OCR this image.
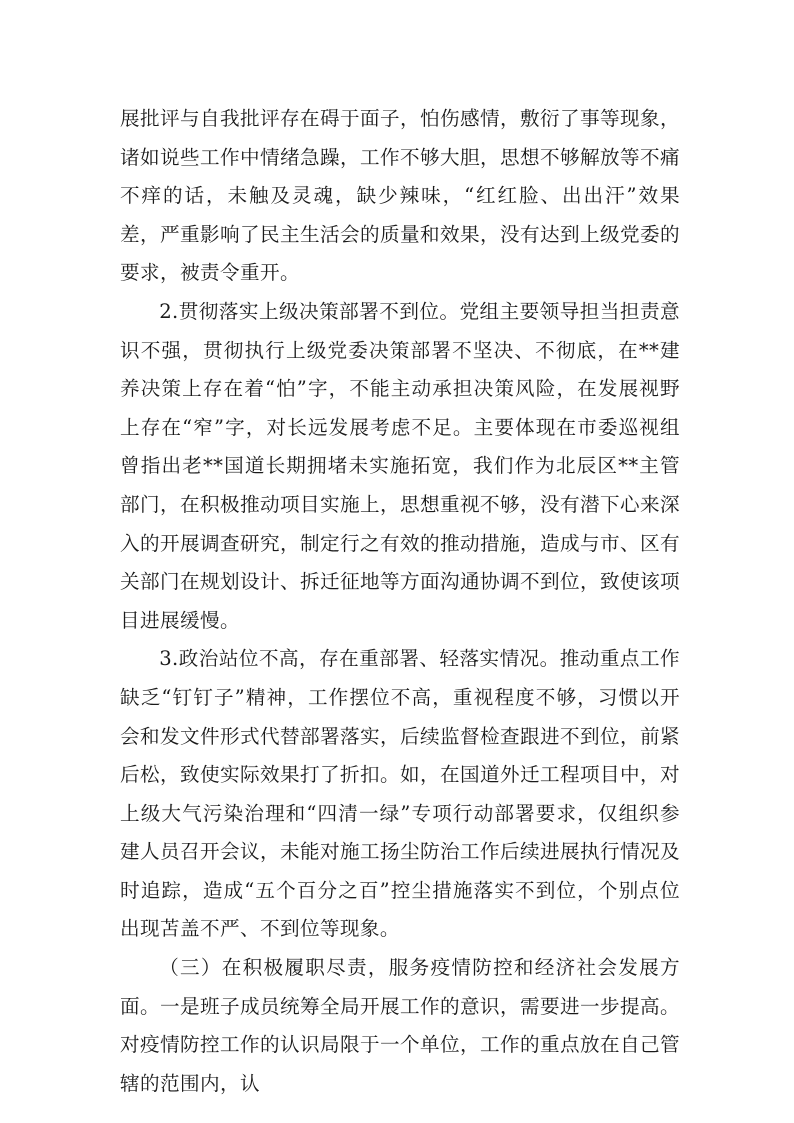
展批评与自我批评存在碍于面子，怕伤感情，敷衍了事等现象，诸如说些工作中情绪急躁，工作不够大胆，思想不够解放等不痛不痒的话，未触及灵魂，缺少辣味，“红红脸、出出汗”效果差，严重影响了民主生活会的质量和效果，没有达到上级党委的要求，被责令重开。

2.贯彻落实上级决策部署不到位。党组主要领导担当担责意识不强，贯彻执行上级党委决策部署不坚决、不彻底，在**建养决策上存在着“怕”字，不能主动承担决策风险，在发展视野上存在“窄”字，对长远发展考虑不足。主要体现在市委巡视组曾指出老**国道长期拥堵未实施拓宽，我们作为北辰区**主管部门，在积极推动项目实施上，思想重视不够，没有潜下心来深入的开展调查研究，制定行之有效的推动措施，造成与市、区有关部门在规划设计、拆迁征地等方面沟通协调不到位，致使该项目进展缓慢。

3.政治站位不高，存在重部署、轻落实情况。推动重点工作缺乏“钉钉子”精神，工作摆位不高，重视程度不够，习惯以开会和发文件形式代替部署落实，后续监督检查跟进不到位，前紧后松，致使实际效果打了折扣。如，在国道外迁工程项目中，对上级大气污染治理和“四清一绿”专项行动部署要求，仅组织参建人员召开会议，未能对施工扬尘防治工作后续进展执行情况及时追踪，造成“五个百分之百”控尘措施落实不到位，个别点位出现苫盖不严、不到位等现象。

（三）在积极履职尽责，服务疫情防控和经济社会发展方面。一是班子成员统筹全局开展工作的意识，需要进一步提高。对疫情防控工作的认识局限于一个单位，工作的重点放在自己管辖的范围内，认
